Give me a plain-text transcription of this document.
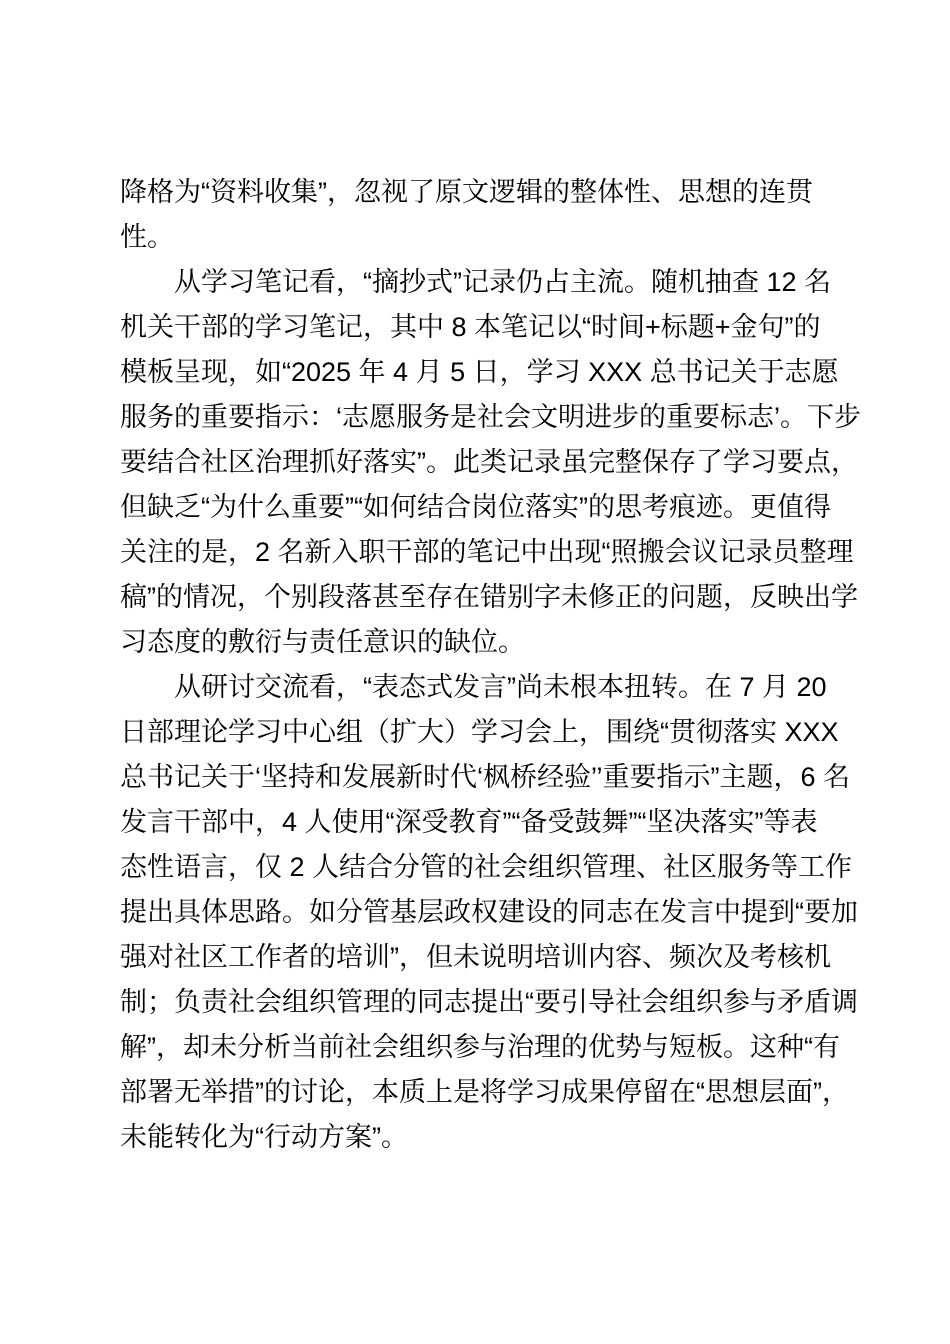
降格为“资料收集”，忽视了原文逻辑的整体性、思想的连贯
性。
　　从学习笔记看，“摘抄式”记录仍占主流。随机抽查 12 名
机关干部的学习笔记，其中 8 本笔记以“时间+标题+金句”的
模板呈现，如“2025 年 4 月 5 日，学习 XXX 总书记关于志愿
服务的重要指示：‘志愿服务是社会文明进步的重要标志’。下步
要结合社区治理抓好落实”。此类记录虽完整保存了学习要点，
但缺乏“为什么重要”“如何结合岗位落实”的思考痕迹。更值得
关注的是，2 名新入职干部的笔记中出现“照搬会议记录员整理
稿”的情况，个别段落甚至存在错别字未修正的问题，反映出学
习态度的敷衍与责任意识的缺位。
　　从研讨交流看，“表态式发言”尚未根本扭转。在 7 月 20
日部理论学习中心组（扩大）学习会上，围绕“贯彻落实 XXX
总书记关于‘坚持和发展新时代‘枫桥经验’’重要指示”主题，6 名
发言干部中，4 人使用“深受教育”“备受鼓舞”“坚决落实”等表
态性语言，仅 2 人结合分管的社会组织管理、社区服务等工作
提出具体思路。如分管基层政权建设的同志在发言中提到“要加
强对社区工作者的培训”，但未说明培训内容、频次及考核机
制；负责社会组织管理的同志提出“要引导社会组织参与矛盾调
解”，却未分析当前社会组织参与治理的优势与短板。这种“有
部署无举措”的讨论，本质上是将学习成果停留在“思想层面”，
未能转化为“行动方案”。
